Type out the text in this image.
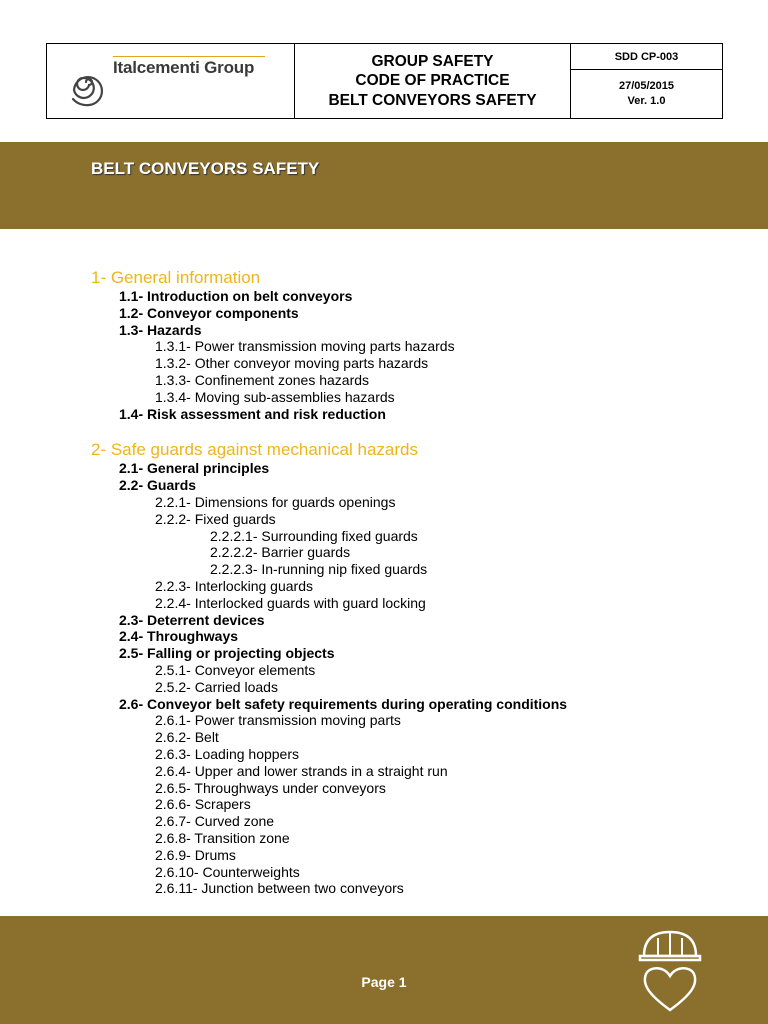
Italcementi Group	GROUP SAFETY
CODE OF PRACTICE
BELT CONVEYORS SAFETY
SDD CP-003
27/05/2015
Ver. 1.0
BELT CONVEYORS SAFETY
1- General information
1.1- Introduction on belt conveyors
1.2- Conveyor components
1.3- Hazards
1.3.1- Power transmission moving parts hazards
1.3.2- Other conveyor moving parts hazards
1.3.3- Confinement zones hazards
1.3.4- Moving sub-assemblies hazards
1.4- Risk assessment and risk reduction
2- Safe guards against mechanical hazards
2.1- General principles
2.2- Guards
2.2.1- Dimensions for guards openings
2.2.2- Fixed guards
2.2.2.1- Surrounding fixed guards
2.2.2.2- Barrier guards
2.2.2.3- In-running nip fixed guards
2.2.3- Interlocking guards
2.2.4- Interlocked guards with guard locking
2.3- Deterrent devices
2.4- Throughways
2.5- Falling or projecting objects
2.5.1- Conveyor elements
2.5.2- Carried loads
2.6- Conveyor belt safety requirements during operating conditions
2.6.1- Power transmission moving parts
2.6.2- Belt
2.6.3- Loading hoppers
2.6.4- Upper and lower strands in a straight run
2.6.5- Throughways under conveyors
2.6.6- Scrapers
2.6.7- Curved zone
2.6.8- Transition zone
2.6.9- Drums
2.6.10- Counterweights
2.6.11- Junction between two conveyors
Page 1
